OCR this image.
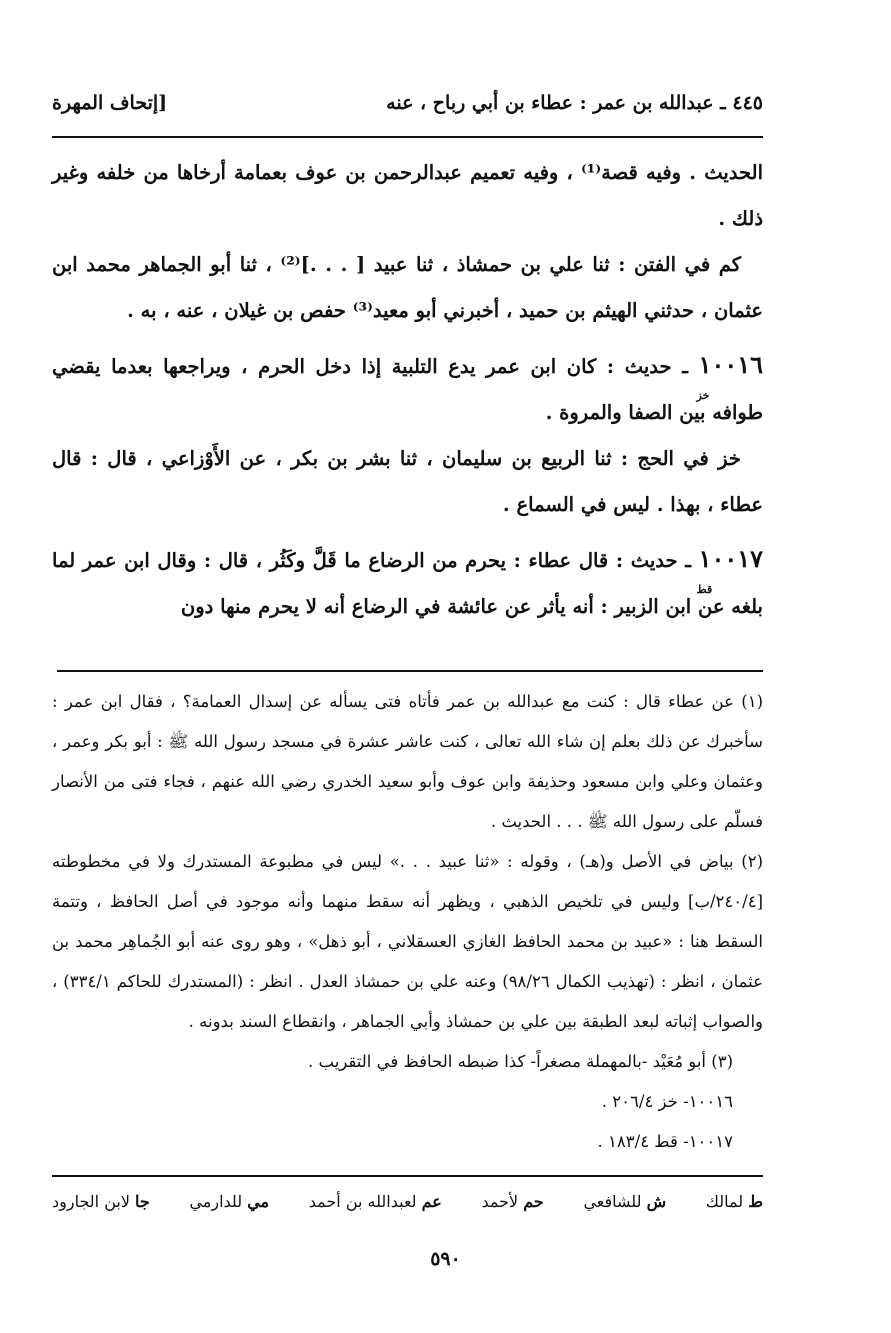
٤٤٥ ـ عبدالله بن عمر : عطاء بن أبي رباح ، عنه
[إتحاف المهرة

الحديث . وفيه قصة⁽¹⁾ ، وفيه تعميم عبدالرحمن بن عوف بعمامة أرخاها من خلفه وغير ذلك .

كم في الفتن : ثنا علي بن حمشاذ ، ثنا عبيد [ . . .]⁽²⁾ ، ثنا أبو الجماهر محمد ابن عثمان ، حدثني الهيثم بن حميد ، أخبرني أبو معيد⁽³⁾ حفص بن غيلان ، عنه ، به .

١٠٠١٦
خز
ـ حديث : كان ابن عمر يدع التلبية إذا دخل الحرم ، ويراجعها بعدما يقضي طوافه بين الصفا والمروة .

خز في الحج : ثنا الربيع بن سليمان ، ثنا بشر بن بكر ، عن الأَوْزاعي ، قال : قال عطاء ، بهذا . ليس في السماع .

١٠٠١٧
قط
ـ حديث : قال عطاء : يحرم من الرضاع ما قَلَّ وكَثُر ، قال : وقال ابن عمر لما بلغه عن ابن الزبير : أنه يأثر عن عائشة في الرضاع أنه لا يحرم منها دون

(١) عن عطاء قال : كنت مع عبدالله بن عمر فأتاه فتى يسأله عن إسدال العمامة؟ ، فقال ابن عمر : سأخبرك عن ذلك بعلم إن شاء الله تعالى ، كنت عاشر عشرة في مسجد رسول الله ﷺ : أبو بكر وعمر ، وعثمان وعلي وابن مسعود وحذيفة وابن عوف وأبو سعيد الخدري رضي الله عنهم ، فجاء فتى من الأنصار فسلّم على رسول الله ﷺ . . . الحديث .

(٢) بياض في الأصل و(هـ) ، وقوله : «ثنا عبيد . . .» ليس في مطبوعة المستدرك ولا في مخطوطته [٢٤٠/٤/ب] وليس في تلخيص الذهبي ، ويظهر أنه سقط منهما وأنه موجود في أصل الحافظ ، وتتمة السقط هنا : «عبيد بن محمد الحافظ الغازي العسقلاني ، أبو ذهل» ، وهو روى عنه أبو الجُماهِر محمد بن عثمان ، انظر : (تهذيب الكمال ٩٨/٢٦) وعنه علي بن حمشاذ العدل . انظر : (المستدرك للحاكم ٣٣٤/١) ، والصواب إثباته لبعد الطبقة بين علي بن حمشاذ وأبي الجماهر ، وانقطاع السند بدونه .

(٣) أبو مُعَيْد -بالمهملة مصغراً- كذا ضبطه الحافظ في التقريب .

١٠٠١٦- خز ٢٠٦/٤ .

١٠٠١٧- قط ١٨٣/٤ .

ط لمالك
ش للشافعي
حم لأحمد
عم لعبدالله بن أحمد
مي للدارمي
جا لابن الجارود
٥٩٠
